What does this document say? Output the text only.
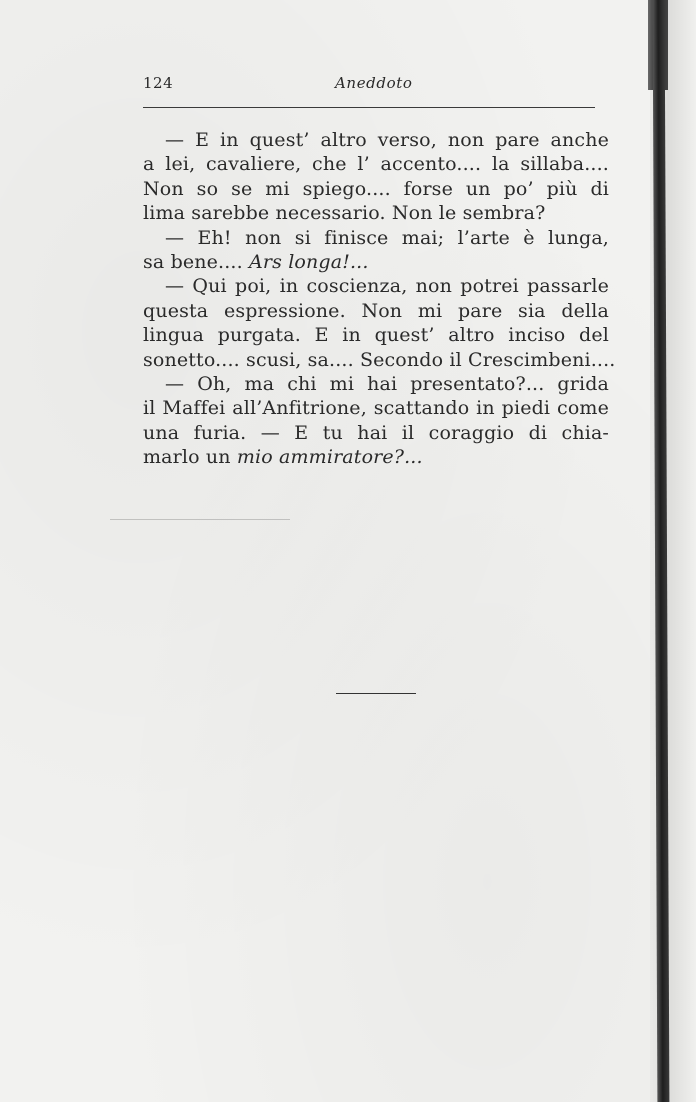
124	Aneddoto
— E in quest’ altro verso, non pare anche
a lei, cavaliere, che l’ accento.... la sillaba....
Non so se mi spiego.... forse un po’ più di
lima sarebbe necessario. Non le sembra?
— Eh! non si finisce mai; l’arte è lunga,
sa bene.... Ars longa!...
— Qui poi, in coscienza, non potrei passarle
questa espressione. Non mi pare sia della
lingua purgata. E in quest’ altro inciso del
sonetto.... scusi, sa.... Secondo il Crescimbeni....
— Oh, ma chi mi hai presentato?... grida
il Maffei all’Anfitrione, scattando in piedi come
una furia. — E tu hai il coraggio di chia-
marlo un mio ammiratore?...
